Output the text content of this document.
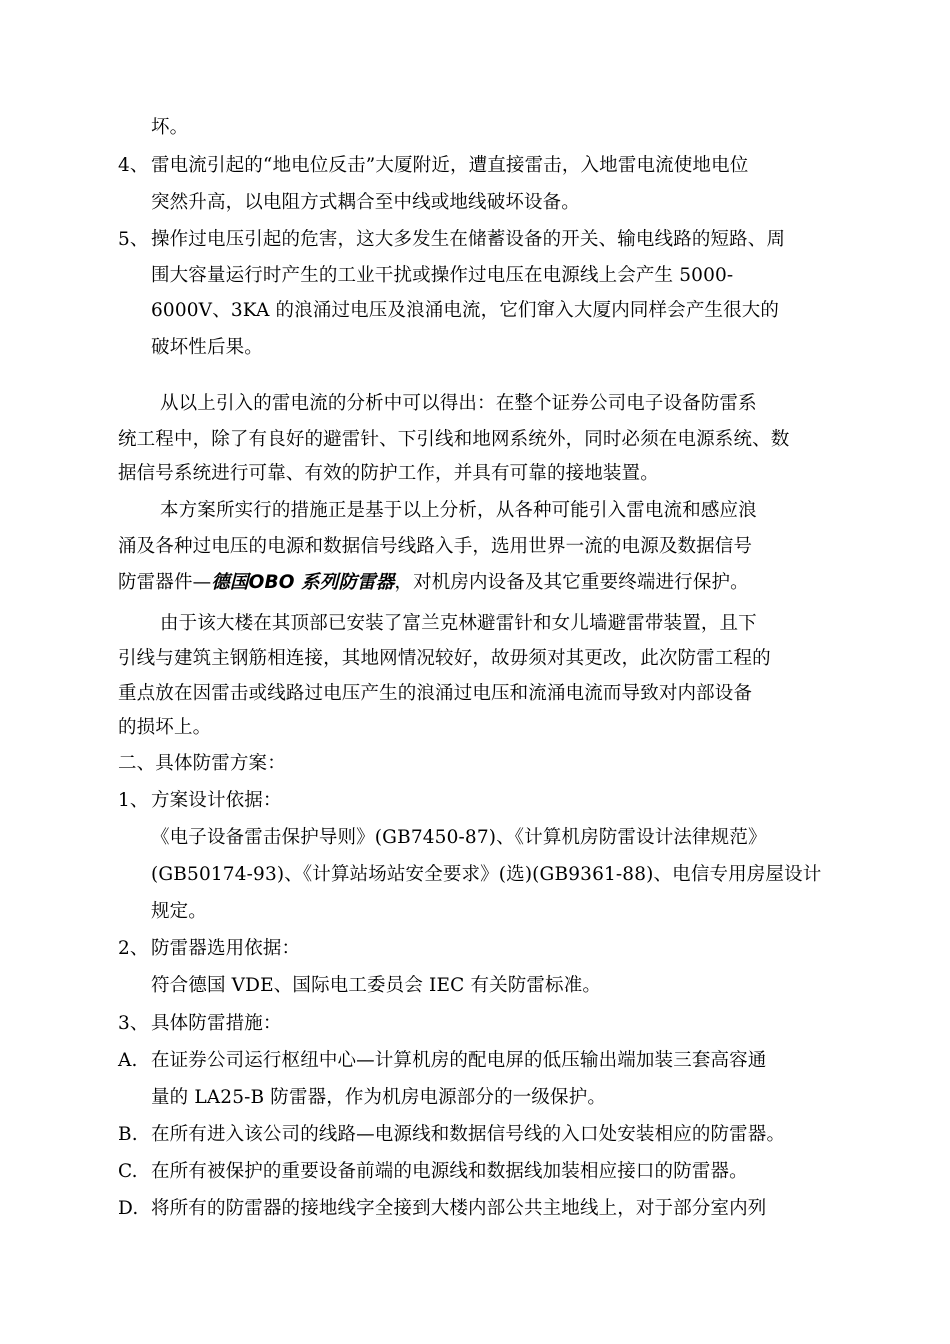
坏。
4、 雷电流引起的“地电位反击”大厦附近，遭直接雷击，入地雷电流使地电位
突然升高，以电阻方式耦合至中线或地线破坏设备。
5、 操作过电压引起的危害，这大多发生在储蓄设备的开关、输电线路的短路、周
围大容量运行时产生的工业干扰或操作过电压在电源线上会产生 5000-
6000V、3KA 的浪涌过电压及浪涌电流，它们窜入大厦内同样会产生很大的
破坏性后果。
从以上引入的雷电流的分析中可以得出：在整个证券公司电子设备防雷系
统工程中，除了有良好的避雷针、下引线和地网系统外，同时必须在电源系统、数
据信号系统进行可靠、有效的防护工作，并具有可靠的接地装置。
本方案所实行的措施正是基于以上分析，从各种可能引入雷电流和感应浪
涌及各种过电压的电源和数据信号线路入手，选用世界一流的电源及数据信号
防雷器件—德国OBO 系列防雷器，对机房内设备及其它重要终端进行保护。
由于该大楼在其顶部已安装了富兰克林避雷针和女儿墙避雷带装置，且下
引线与建筑主钢筋相连接，其地网情况较好，故毋须对其更改，此次防雷工程的
重点放在因雷击或线路过电压产生的浪涌过电压和流涌电流而导致对内部设备
的损坏上。
二、具体防雷方案：
1、 方案设计依据：
《电子设备雷击保护导则》(GB7450-87)、《计算机房防雷设计法律规范》
(GB50174-93)、《计算站场站安全要求》(选)(GB9361-88)、电信专用房屋设计
规定。
2、 防雷器选用依据：
符合德国 VDE、国际电工委员会 IEC 有关防雷标准。
3、 具体防雷措施：
A. 在证券公司运行枢纽中心—计算机房的配电屏的低压输出端加装三套高容通
量的 LA25-B 防雷器，作为机房电源部分的一级保护。
B. 在所有进入该公司的线路—电源线和数据信号线的入口处安装相应的防雷器。
C. 在所有被保护的重要设备前端的电源线和数据线加装相应接口的防雷器。
D. 将所有的防雷器的接地线字全接到大楼内部公共主地线上，对于部分室内列
